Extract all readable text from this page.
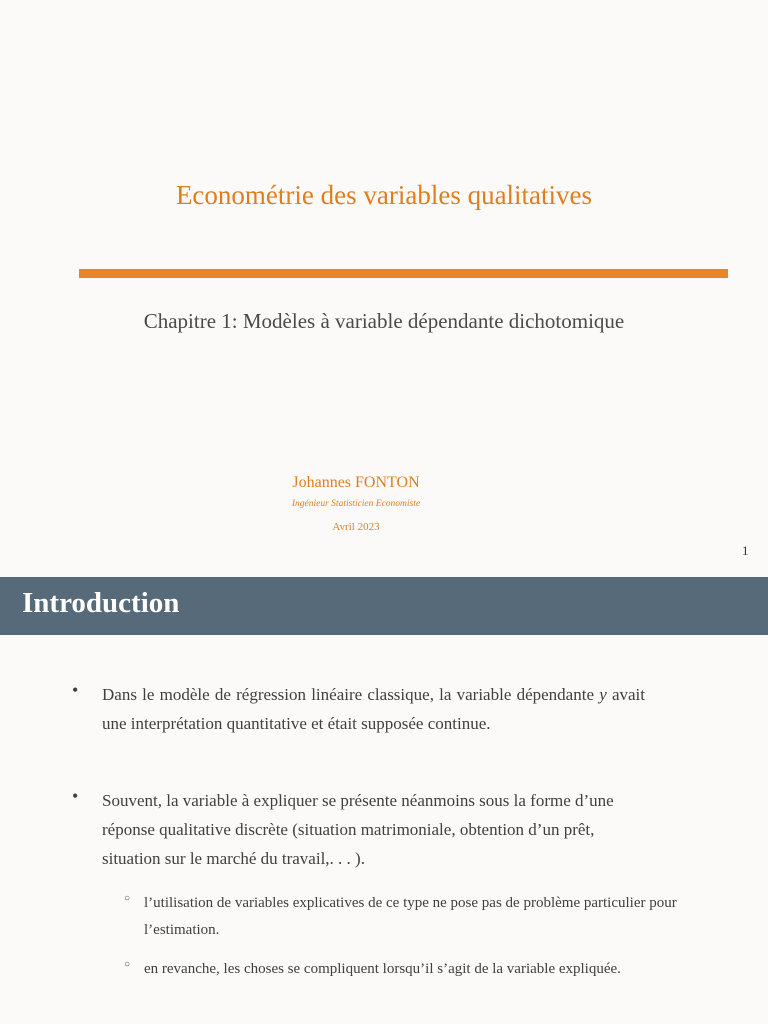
Econométrie des variables qualitatives
Chapitre 1: Modèles à variable dépendante dichotomique
Johannes FONTON
Ingénieur Statisticien Economiste
Avril 2023
1
Introduction
• Dans le modèle de régression linéaire classique, la variable dépendante y avait une interprétation quantitative et était supposée continue.

• Souvent, la variable à expliquer se présente néanmoins sous la forme d’une réponse qualitative discrète (situation matrimoniale, obtention d’un prêt, situation sur le marché du travail,. . . ).

○ l’utilisation de variables explicatives de ce type ne pose pas de problème particulier pour l’estimation.

○ en revanche, les choses se compliquent lorsqu’il s’agit de la variable expliquée.
